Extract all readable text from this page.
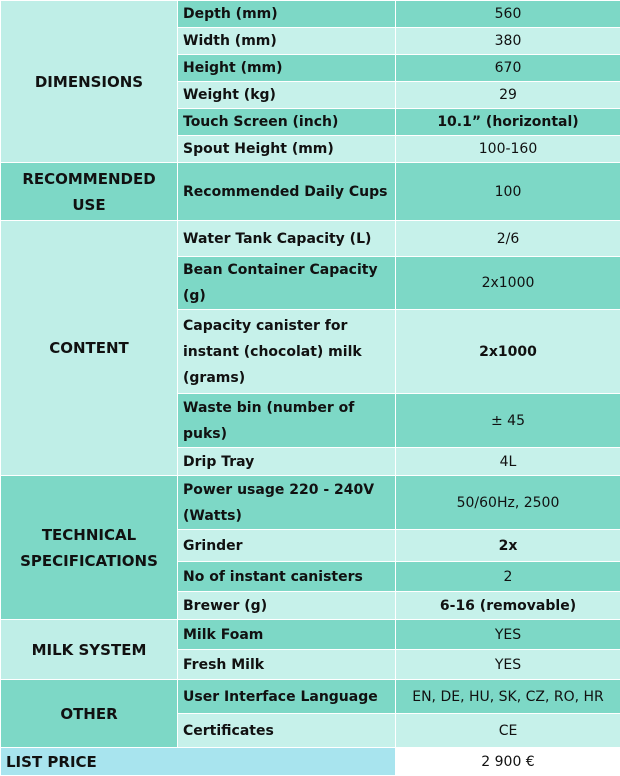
DIMENSIONS	Depth (mm)	560
	Width (mm)	380
	Height (mm)	670
	Weight (kg)	29
	Touch Screen (inch)	10.1” (horizontal)
	Spout Height (mm)	100-160
RECOMMENDED USE	Recommended Daily Cups	100
CONTENT	Water Tank Capacity (L)	2/6
	Bean Container Capacity (g)	2x1000
	Capacity canister for instant (chocolat) milk (grams)	2x1000
	Waste bin (number of puks)	± 45
	Drip Tray	4L
TECHNICAL SPECIFICATIONS	Power usage 220 - 240V (Watts)	50/60Hz, 2500
	Grinder	2x
	No of instant canisters	2
	Brewer (g)	6-16 (removable)
MILK SYSTEM	Milk Foam	YES
	Fresh Milk	YES
OTHER	User Interface Language	EN, DE, HU, SK, CZ, RO, HR
	Certificates	CE
LIST PRICE		2 900 €
